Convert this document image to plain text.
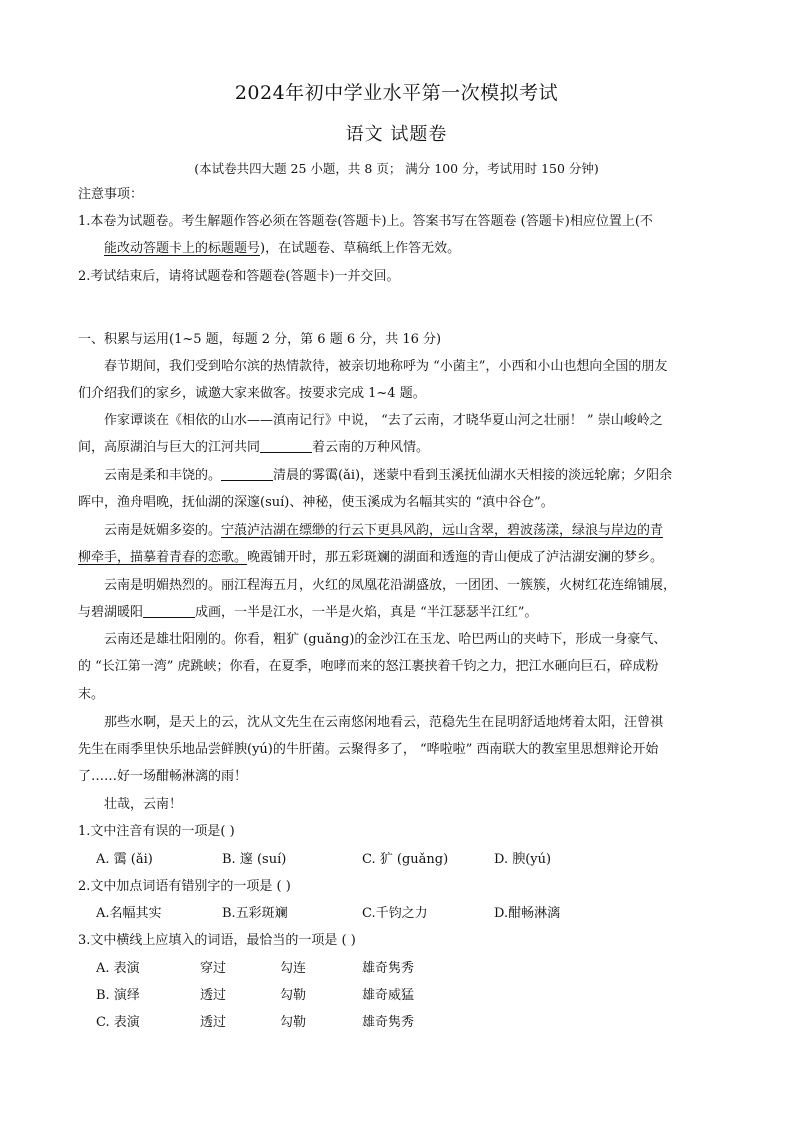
2024年初中学业水平第一次模拟考试
语文 试题卷
(本试卷共四大题 25 小题，共 8 页； 满分 100 分，考试用时 150 分钟)
注意事项：
1.本卷为试题卷。考生解题作答必须在答题卷(答题卡)上。答案书写在答题卷 (答题卡)相应位置上(不
能改动答题卡上的标题题号)，在试题卷、草稿纸上作答无效。
2.考试结束后，请将试题卷和答题卷(答题卡)一并交回。
一、积累与运用(1~5 题，每题 2 分，第 6 题 6 分，共 16 分)
春节期间，我们受到哈尔滨的热情款待，被亲切地称呼为 “小菌主”，小西和小山也想向全国的朋友
们介绍我们的家乡，诚邀大家来做客。按要求完成 1~4 题。
作家谭谈在《相依的山水——滇南记行》中说， “去了云南，才晓华夏山河之壮丽！ ” 崇山峻岭之
间，高原湖泊与巨大的江河共同	着云南的万种风情。
云南是柔和丰饶的。	清晨的雾霭(ǎi)，迷蒙中看到玉溪抚仙湖水天相接的淡远轮廓；夕阳余
晖中，渔舟唱晚，抚仙湖的深邃(suí)、神秘，使玉溪成为名幅其实的 “滇中谷仓”。
云南是妩媚多姿的。宁蒗泸沽湖在缥缈的行云下更具风韵，远山含翠，碧波荡漾，绿浪与岸边的青
柳牵手，描摹着青春的恋歌。晚霞铺开时，那五彩斑斓的湖面和透迤的青山便成了泸沽湖安澜的梦乡。
云南是明媚热烈的。丽江程海五月，火红的凤凰花沿湖盛放，一团团、一簇簇，火树红花连绵铺展，
与碧湖暖阳	成画，一半是江水，一半是火焰，真是 “半江瑟瑟半江红”。
云南还是雄壮阳刚的。你看，粗犷 (guǎng)的金沙江在玉龙、哈巴两山的夹峙下，形成一身豪气、
的 “长江第一湾” 虎跳峡；你看，在夏季，咆哮而来的怒江裹挟着千钧之力，把江水砸向巨石，碎成粉
末。
那些水啊，是天上的云，沈从文先生在云南悠闲地看云，范稳先生在昆明舒适地烤着太阳，汪曾祺
先生在雨季里快乐地品尝鲜腴(yú)的牛肝菌。云聚得多了， “哗啦啦” 西南联大的教室里思想辩论开始
了……好一场酣畅淋漓的雨！
壮哉，云南！
1.文中注音有误的一项是( )
A. 霭 (ǎi)	B. 邃 (suí)	C. 犷 (guǎng)	D. 腴(yú)
2.文中加点词语有错别字的一项是 ( )
A.名幅其实	B.五彩斑斓	C.千钧之力	D.酣畅淋漓
3.文中横线上应填入的词语，最恰当的一项是 ( )
A. 表演	穿过	勾连	雄奇隽秀
B. 演绎	透过	勾勒	雄奇威猛
C. 表演	透过	勾勒	雄奇隽秀
